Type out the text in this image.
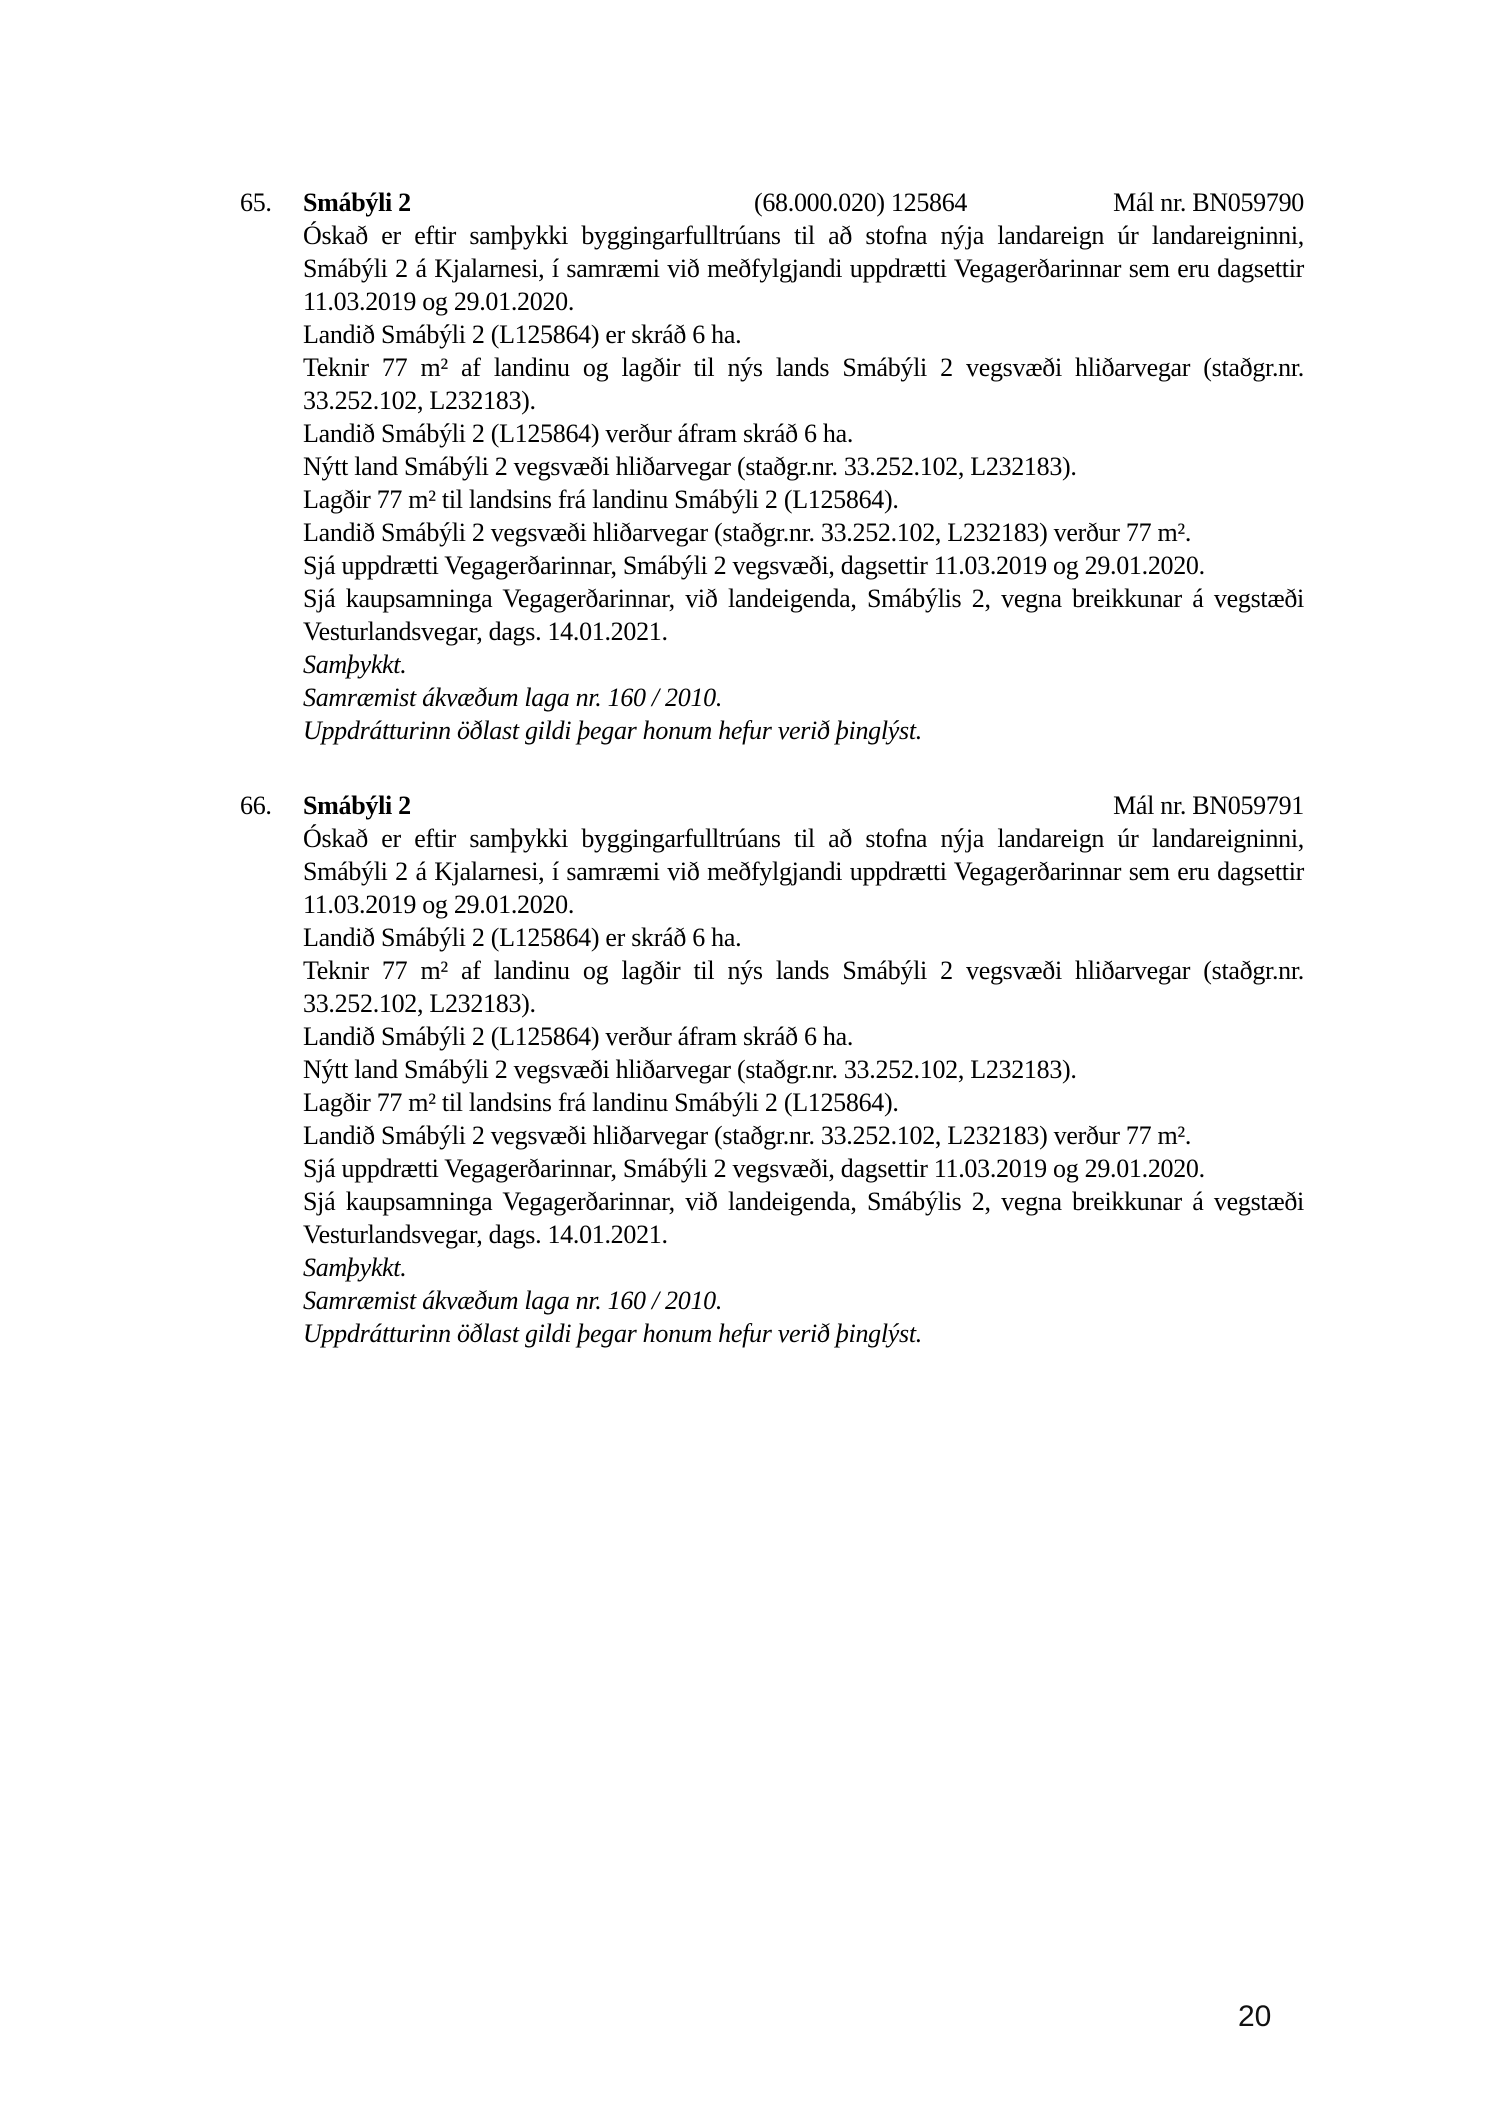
65. Smábýli 2	(68.000.020) 125864	Mál nr. BN059790

Óskað er eftir samþykki byggingarfulltrúans til að stofna nýja landareign úr landareigninni, Smábýli 2 á Kjalarnesi, í samræmi við meðfylgjandi uppdrætti Vegagerðarinnar sem eru dagsettir 11.03.2019 og 29.01.2020.

Landið Smábýli 2 (L125864) er skráð 6 ha.

Teknir 77 m² af landinu og lagðir til nýs lands Smábýli 2 vegsvæði hliðarvegar (staðgr.nr. 33.252.102, L232183).

Landið Smábýli 2 (L125864) verður áfram skráð 6 ha.

Nýtt land Smábýli 2 vegsvæði hliðarvegar (staðgr.nr. 33.252.102, L232183).

Lagðir 77 m² til landsins frá landinu Smábýli 2 (L125864).

Landið Smábýli 2 vegsvæði hliðarvegar (staðgr.nr. 33.252.102, L232183) verður 77 m².

Sjá uppdrætti Vegagerðarinnar, Smábýli 2 vegsvæði, dagsettir 11.03.2019 og 29.01.2020.

Sjá kaupsamninga Vegagerðarinnar, við landeigenda, Smábýlis 2, vegna breikkunar á vegstæði Vesturlandsvegar, dags. 14.01.2021.

Samþykkt.

Samræmist ákvæðum laga nr. 160 / 2010.

Uppdrátturinn öðlast gildi þegar honum hefur verið þinglýst.

66. Smábýli 2	Mál nr. BN059791

Óskað er eftir samþykki byggingarfulltrúans til að stofna nýja landareign úr landareigninni, Smábýli 2 á Kjalarnesi, í samræmi við meðfylgjandi uppdrætti Vegagerðarinnar sem eru dagsettir 11.03.2019 og 29.01.2020.

Landið Smábýli 2 (L125864) er skráð 6 ha.

Teknir 77 m² af landinu og lagðir til nýs lands Smábýli 2 vegsvæði hliðarvegar (staðgr.nr. 33.252.102, L232183).

Landið Smábýli 2 (L125864) verður áfram skráð 6 ha.

Nýtt land Smábýli 2 vegsvæði hliðarvegar (staðgr.nr. 33.252.102, L232183).

Lagðir 77 m² til landsins frá landinu Smábýli 2 (L125864).

Landið Smábýli 2 vegsvæði hliðarvegar (staðgr.nr. 33.252.102, L232183) verður 77 m².

Sjá uppdrætti Vegagerðarinnar, Smábýli 2 vegsvæði, dagsettir 11.03.2019 og 29.01.2020.

Sjá kaupsamninga Vegagerðarinnar, við landeigenda, Smábýlis 2, vegna breikkunar á vegstæði Vesturlandsvegar, dags. 14.01.2021.

Samþykkt.

Samræmist ákvæðum laga nr. 160 / 2010.

Uppdrátturinn öðlast gildi þegar honum hefur verið þinglýst.

20
